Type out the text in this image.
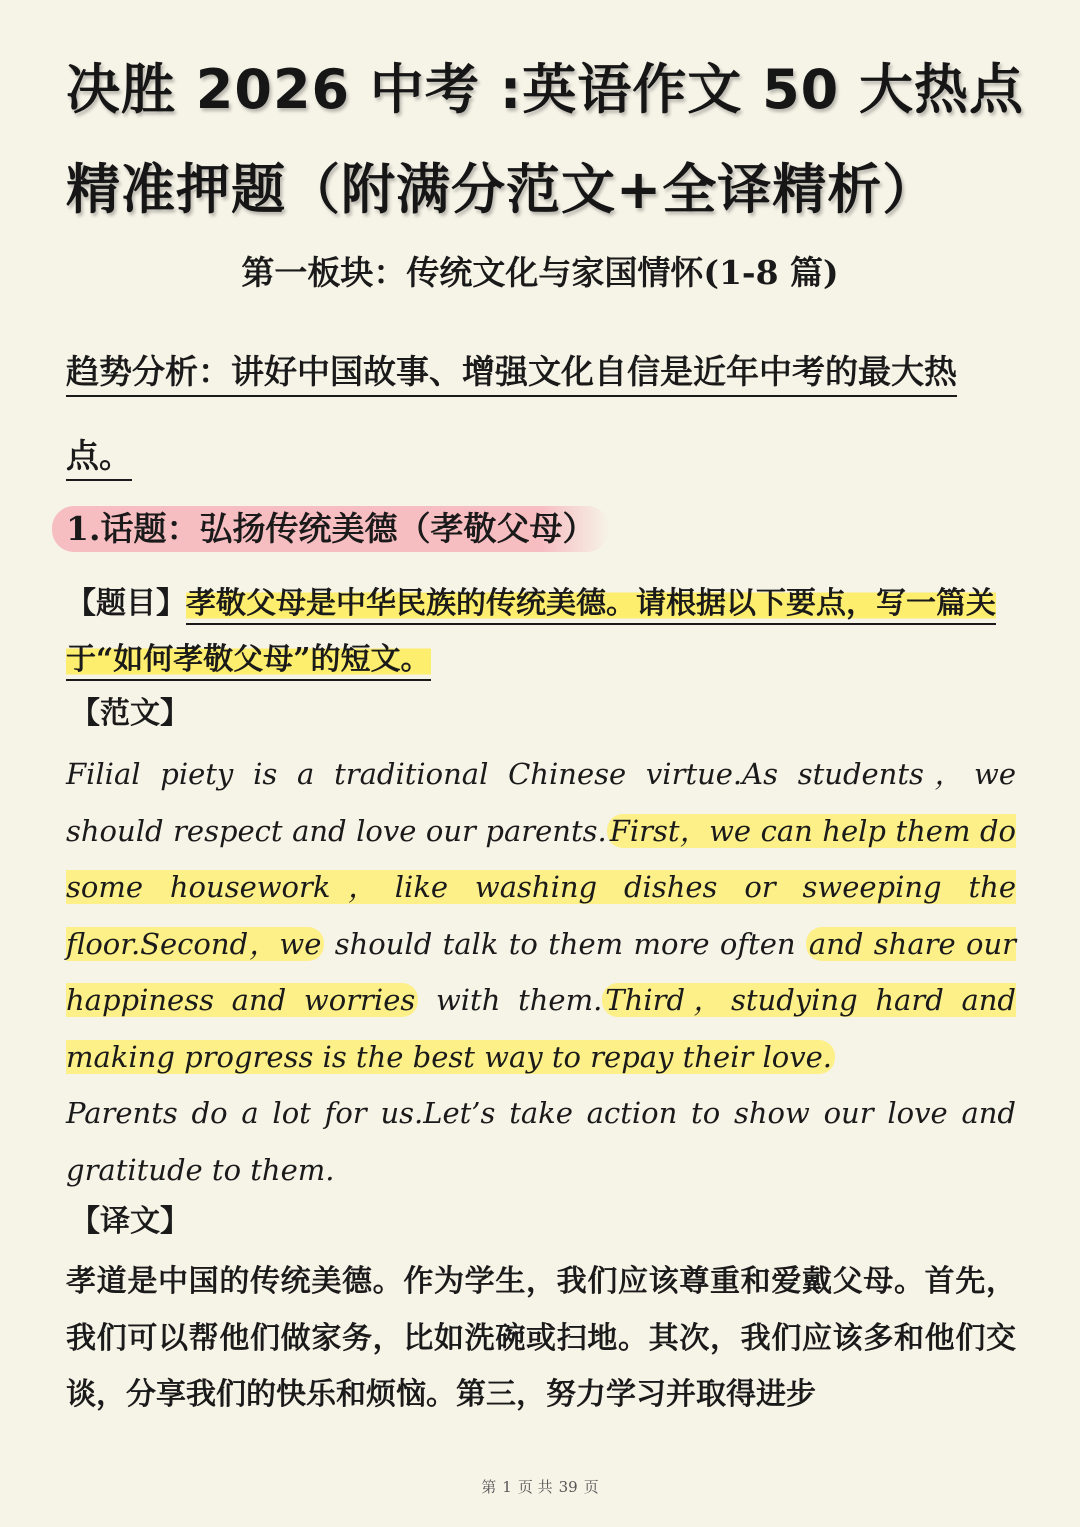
决胜 2026 中考 :英语作文 50 大热点精准押题（附满分范文+全译精析）
第一板块：传统文化与家国情怀(1-8 篇)
趋势分析：讲好中国故事、增强文化自信是近年中考的最大热点。
1.话题：弘扬传统美德（孝敬父母）
【题目】孝敬父母是中华民族的传统美德。请根据以下要点，写一篇关于“如何孝敬父母”的短文。
【范文】

Filial piety is a traditional Chinese virtue.As students，we should respect and love our parents. First，we can help them do some housework，like washing dishes or sweeping the floor.Second，we should talk to them more often and share our happiness and worries with them. Third，studying hard and making progress is the best way to repay their love.

Parents do a lot for us.Let’s take action to show our love and gratitude to them.

【译文】
孝道是中国的传统美德。作为学生，我们应该尊重和爱戴父母。首先，我们可以帮他们做家务，比如洗碗或扫地。其次，我们应该多和他们交谈，分享我们的快乐和烦恼。第三，努力学习并取得进步
第 1 页 共 39 页
